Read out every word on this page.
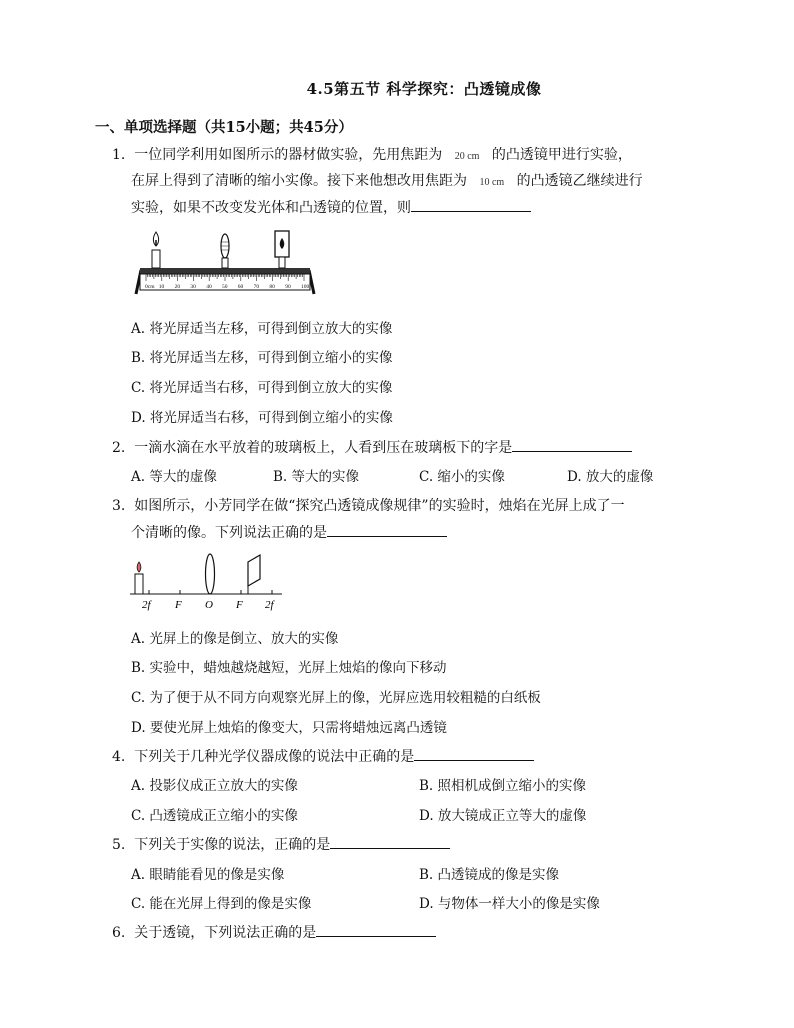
4.5第五节 科学探究：凸透镜成像
一、单项选择题（共15小题；共45分）
1. 一位同学利用如图所示的器材做实验，先用焦距为 20 cm 的凸透镜甲进行实验，
在屏上得到了清晰的缩小实像。接下来他想改用焦距为 10 cm 的凸透镜乙继续进行
实验，如果不改变发光体和凸透镜的位置，则
0cm 10 20 30 40 50 60 70 80 90 100
A. 将光屏适当左移，可得到倒立放大的实像
B. 将光屏适当左移，可得到倒立缩小的实像
C. 将光屏适当右移，可得到倒立放大的实像
D. 将光屏适当右移，可得到倒立缩小的实像
2. 一滴水滴在水平放着的玻璃板上，人看到压在玻璃板下的字是
A. 等大的虚像	B. 等大的实像	C. 缩小的实像	D. 放大的虚像
3. 如图所示，小芳同学在做“探究凸透镜成像规律”的实验时，烛焰在光屏上成了一
个清晰的像。下列说法正确的是
2f F O F 2f
A. 光屏上的像是倒立、放大的实像
B. 实验中，蜡烛越烧越短，光屏上烛焰的像向下移动
C. 为了便于从不同方向观察光屏上的像，光屏应选用较粗糙的白纸板
D. 要使光屏上烛焰的像变大，只需将蜡烛远离凸透镜
4. 下列关于几种光学仪器成像的说法中正确的是
A. 投影仪成正立放大的实像	B. 照相机成倒立缩小的实像
C. 凸透镜成正立缩小的实像	D. 放大镜成正立等大的虚像
5. 下列关于实像的说法，正确的是
A. 眼睛能看见的像是实像	B. 凸透镜成的像是实像
C. 能在光屏上得到的像是实像	D. 与物体一样大小的像是实像
6. 关于透镜，下列说法正确的是
